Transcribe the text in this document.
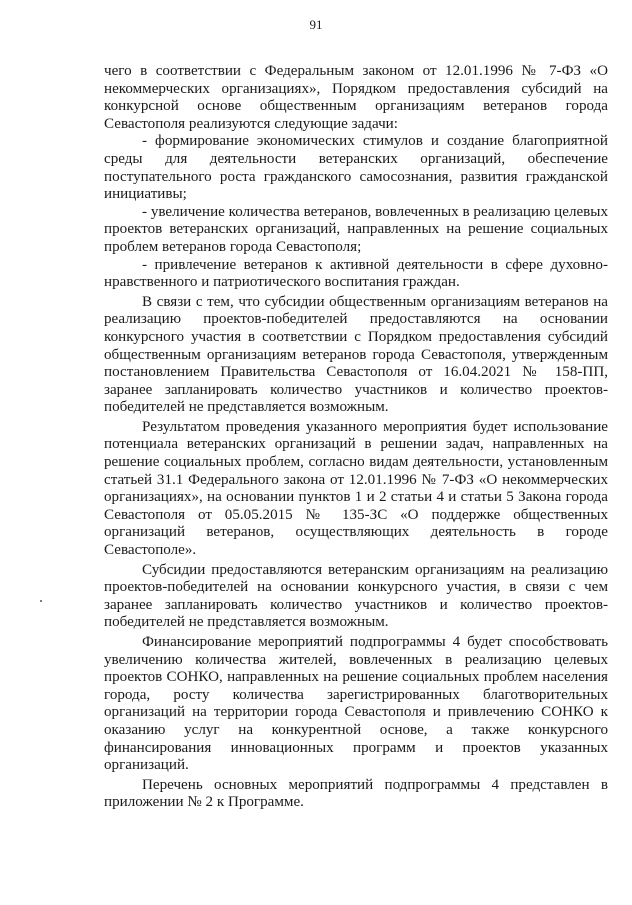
91

чего в соответствии с Федеральным законом от 12.01.1996 № 7-ФЗ «О некоммерческих организациях», Порядком предоставления субсидий на конкурсной основе общественным организациям ветеранов города Севастополя реализуются следующие задачи:

- формирование экономических стимулов и создание благоприятной среды для деятельности ветеранских организаций, обеспечение поступательного роста гражданского самосознания, развития гражданской инициативы;

- увеличение количества ветеранов, вовлеченных в реализацию целевых проектов ветеранских организаций, направленных на решение социальных проблем ветеранов города Севастополя;

- привлечение ветеранов к активной деятельности в сфере духовно-нравственного и патриотического воспитания граждан.

В связи с тем, что субсидии общественным организациям ветеранов на реализацию проектов-победителей предоставляются на основании конкурсного участия в соответствии с Порядком предоставления субсидий общественным организациям ветеранов города Севастополя, утвержденным постановлением Правительства Севастополя от 16.04.2021 № 158-ПП, заранее запланировать количество участников и количество проектов-победителей не представляется возможным.

Результатом проведения указанного мероприятия будет использование потенциала ветеранских организаций в решении задач, направленных на решение социальных проблем, согласно видам деятельности, установленным статьей 31.1 Федерального закона от 12.01.1996 № 7-ФЗ «О некоммерческих организациях», на основании пунктов 1 и 2 статьи 4 и статьи 5 Закона города Севастополя от 05.05.2015 № 135-ЗС «О поддержке общественных организаций ветеранов, осуществляющих деятельность в городе Севастополе».

Субсидии предоставляются ветеранским организациям на реализацию проектов-победителей на основании конкурсного участия, в связи с чем заранее запланировать количество участников и количество проектов-победителей не представляется возможным.

Финансирование мероприятий подпрограммы 4 будет способствовать увеличению количества жителей, вовлеченных в реализацию целевых проектов СОНКО, направленных на решение социальных проблем населения города, росту количества зарегистрированных благотворительных организаций на территории города Севастополя и привлечению СОНКО к оказанию услуг на конкурентной основе, а также конкурсного финансирования инновационных программ и проектов указанных организаций.

Перечень основных мероприятий подпрограммы 4 представлен в приложении № 2 к Программе.
